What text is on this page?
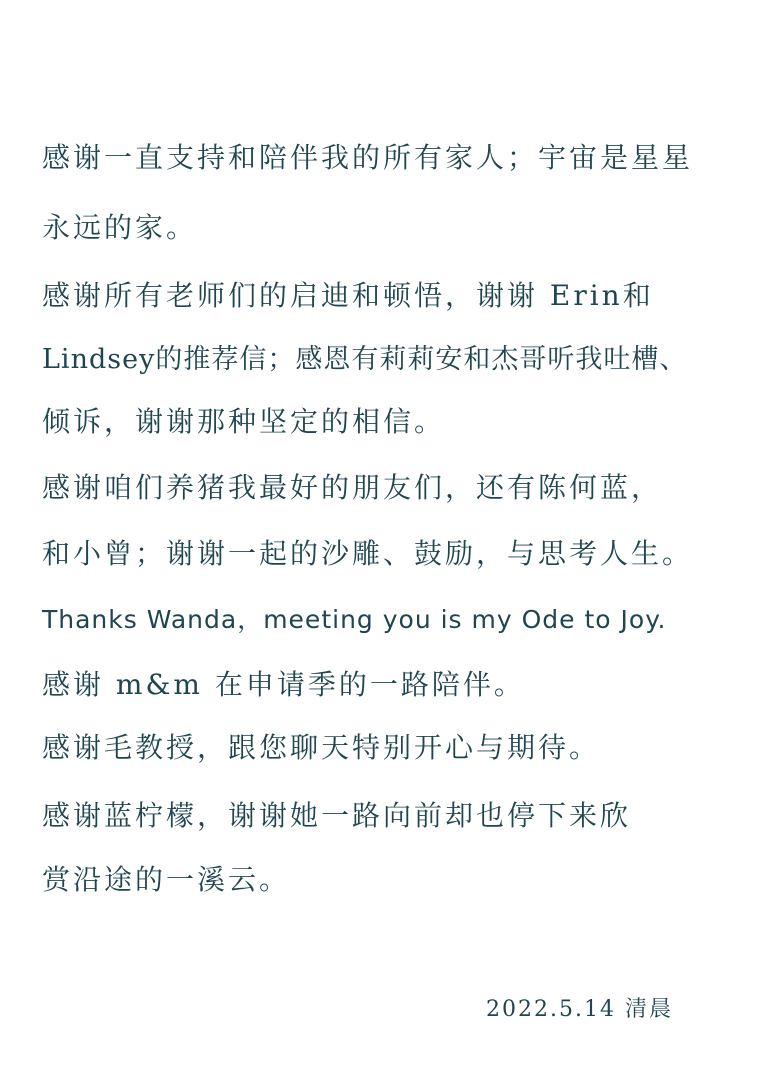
感谢一直支持和陪伴我的所有家人；宇宙是星星
永远的家。
感谢所有老师们的启迪和顿悟，谢谢 Erin和
Lindsey的推荐信；感恩有莉莉安和杰哥听我吐槽、
倾诉，谢谢那种坚定的相信。
感谢咱们养猪我最好的朋友们，还有陈何蓝，
和小曾；谢谢一起的沙雕、鼓励，与思考人生。
Thanks Wanda，meeting you is my Ode to Joy.
感谢 m&m 在申请季的一路陪伴。
感谢毛教授，跟您聊天特别开心与期待。
感谢蓝柠檬，谢谢她一路向前却也停下来欣
赏沿途的一溪云。
2022.5.14 清晨
